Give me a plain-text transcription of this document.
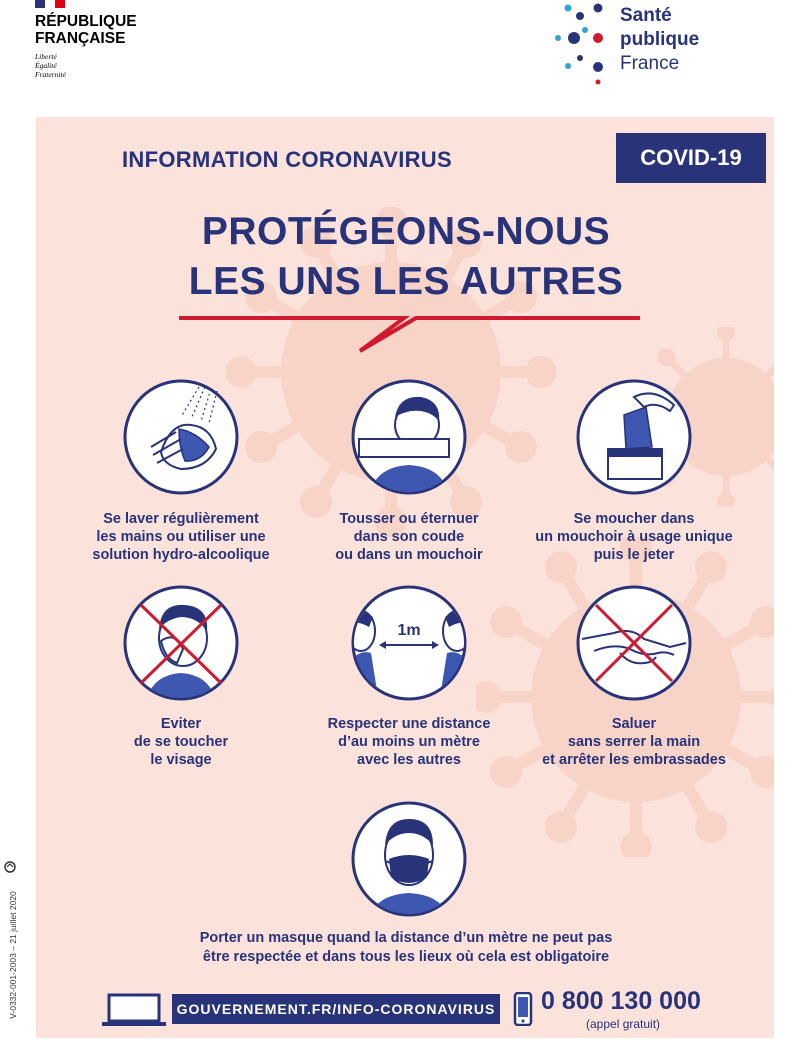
RÉPUBLIQUE
FRANÇAISE
Liberté
Égalité
Fraternité
Santé
publique
France
INFORMATION CORONAVIRUS	COVID-19
PROTÉGEONS-NOUS
LES UNS LES AUTRES
Se laver régulièrement
les mains ou utiliser une
solution hydro-alcoolique
Tousser ou éternuer
dans son coude
ou dans un mouchoir
Se moucher dans
un mouchoir à usage unique
puis le jeter
Eviter
de se toucher
le visage
1m
Respecter une distance
d’au moins un mètre
avec les autres
Saluer
sans serrer la main
et arrêter les embrassades
Porter un masque quand la distance d’un mètre ne peut pas
être respectée et dans tous les lieux où cela est obligatoire
GOUVERNEMENT.FR/INFO-CORONAVIRUS 0 800 130 000
(appel gratuit)
V-0332-001-2003 – 21 juillet 2020
